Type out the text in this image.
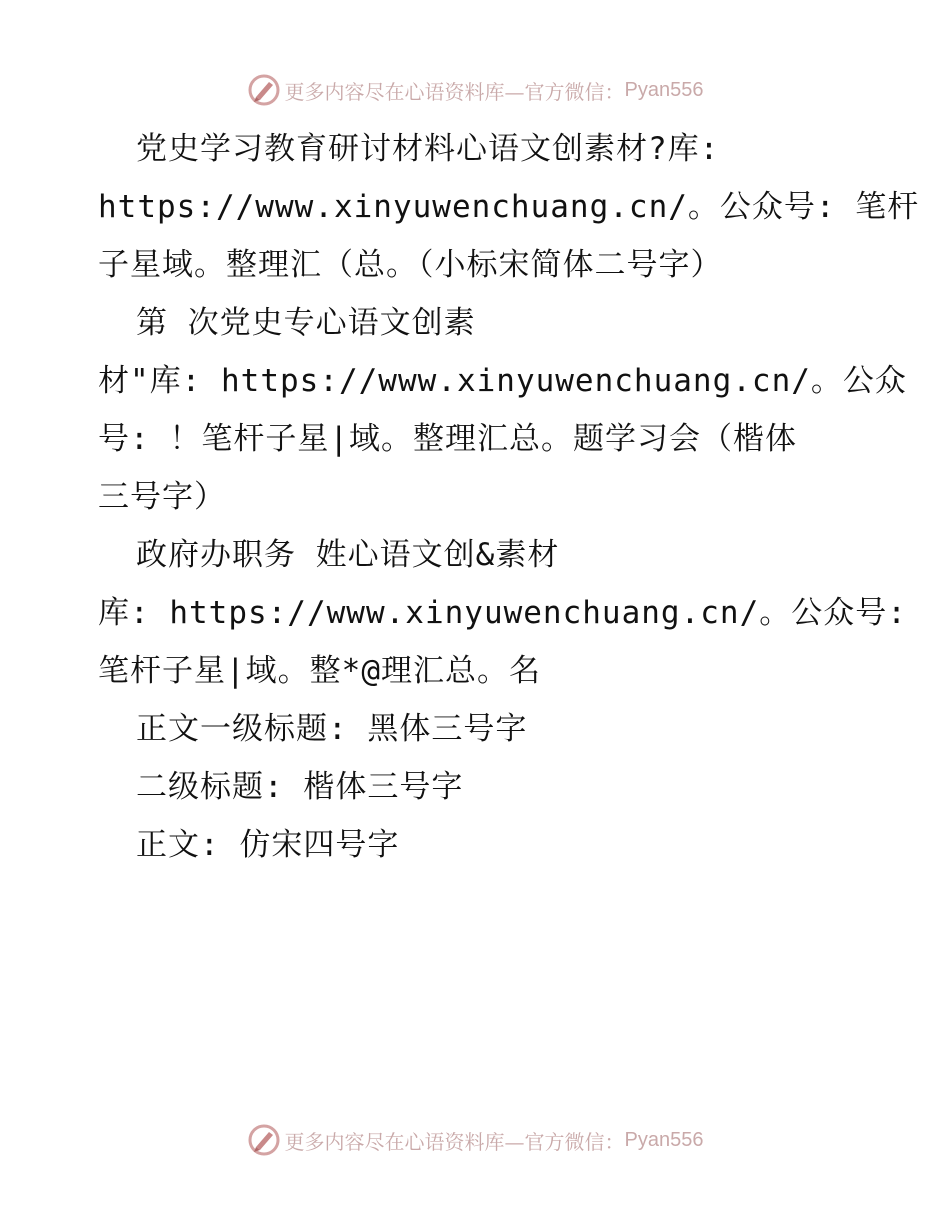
更多内容尽在心语资料库—官方微信： Pyan556
党史学习教育研讨材料心语文创素材?库:
https://www.xinyuwenchuang.cn/。公众号: 笔杆
子星域。整理汇（总。（小标宋简体二号字）
第 次党史专心语文创素
材"库: https://www.xinyuwenchuang.cn/。公众
号: ！笔杆子星|域。整理汇总。题学习会（楷体
三号字）
政府办职务 姓心语文创&素材
库: https://www.xinyuwenchuang.cn/。公众号:
笔杆子星|域。整*@理汇总。名
正文一级标题: 黑体三号字
二级标题: 楷体三号字
正文: 仿宋四号字
更多内容尽在心语资料库—官方微信： Pyan556
